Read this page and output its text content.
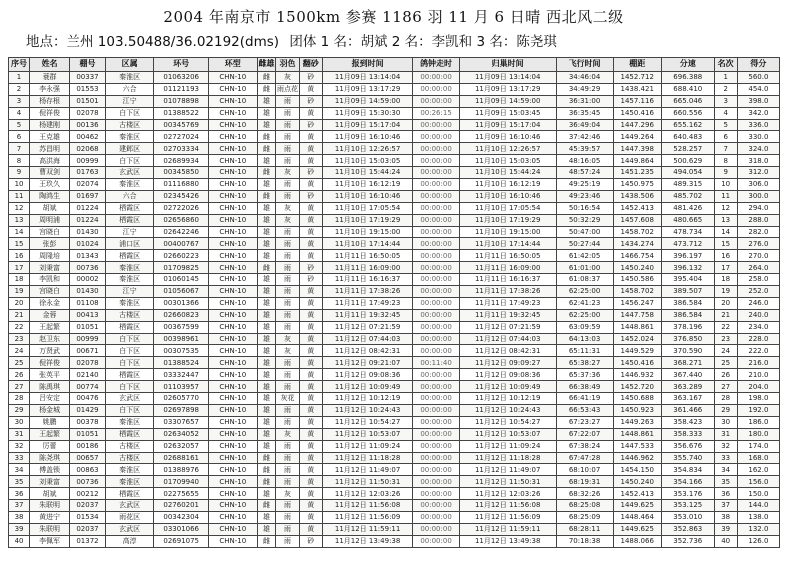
2004 年南京市 1500km 参赛 1186 羽 11 月 6 日晴 西北风二级
地点：兰州 103.50488/36.02192(dms) 团体 1 名：胡斌 2 名：李凯和 3 名：陈尧琪
序号	姓名	棚号	区属	环号	环型	雌雄	羽色	翻砂	报到时间	鸽钟走时	归巢时间	飞行时间	棚距	分速	名次	得分
1	蓑群	00337	秦淮区	01063206	CHN-10	雌	灰	砂	11月09日 13:14:04	00:00:00	11月09日 13:14:04	34:46:04	1452.712	696.388	1	560.0
2	李永强	01553	六合	01121193	CHN-10	雌	雨点花	黄	11月09日 13:17:29	00:00:00	11月09日 13:17:29	34:49:29	1438.421	688.410	2	454.0
3	杨存根	01501	江宁	01078898	CHN-10	雄	雨	砂	11月09日 14:59:00	00:00:00	11月09日 14:59:00	36:31:00	1457.116	665.046	3	398.0
4	倪祥俊	02078	白下区	01388522	CHN-10	雄	雨	黄	11月09日 15:30:30	00:26:15	11月09日 15:03:45	36:35:45	1450.416	660.556	4	342.0
5	杨建刚	00136	古楼区	00345769	CHN-10	雄	雨	砂	11月09日 15:17:04	00:00:00	11月09日 15:17:04	36:49:04	1447.296	655.162	5	336.0
6	王克雄	00462	秦淮区	02727024	CHN-10	雌	雨	黄	11月09日 16:10:46	00:00:00	11月09日 16:10:46	37:42:46	1449.264	640.483	6	330.0
7	苏昌明	02068	建邺区	02703334	CHN-10	雌	雨	黄	11月10日 12:26:57	00:00:00	11月10日 12:26:57	45:39:57	1447.398	528.257	7	324.0
8	高洪海	00999	白下区	02689934	CHN-10	雄	雨	黄	11月10日 15:03:05	00:00:00	11月10日 15:03:05	48:16:05	1449.864	500.629	8	318.0
9	曹双剑	01763	玄武区	00345850	CHN-10	雌	灰	砂	11月10日 15:44:24	00:00:00	11月10日 15:44:24	48:57:24	1451.235	494.054	9	312.0
10	王玖久	02074	秦淮区	01116880	CHN-10	雄	雨	黄	11月10日 16:12:19	00:00:00	11月10日 16:12:19	49:25:19	1450.975	489.315	10	306.0
11	陶鸿生	01697	六合	02345426	CHN-10	雌	雨	砂	11月10日 16:10:46	00:00:00	11月10日 16:10:46	49:23:46	1438.506	485.702	11	300.0
12	胡斌	01224	栖霞区	02722026	CHN-10	雄	灰	黄	11月10日 17:05:54	00:00:00	11月10日 17:05:54	50:16:54	1452.413	481.426	12	294.0
13	周明浦	01224	栖霞区	02656860	CHN-10	雄	灰	黄	11月10日 17:19:29	00:00:00	11月10日 17:19:29	50:32:29	1457.608	480.665	13	288.0
14	宫晓白	01430	江宁	02642246	CHN-10	雄	雨	黄	11月10日 19:15:00	00:00:00	11月10日 19:15:00	50:47:00	1458.702	478.734	14	282.0
15	张彭	01024	浦口区	00400767	CHN-10	雄	雨	黄	11月10日 17:14:44	00:00:00	11月10日 17:14:44	50:27:44	1434.274	473.712	15	276.0
16	周隆培	01343	栖霞区	02660223	CHN-10	雄	雨	黄	11月11日 16:50:05	00:00:00	11月11日 16:50:05	61:42:05	1466.754	396.197	16	270.0
17	刘秉富	00736	秦淮区	01709825	CHN-10	雌	雨	砂	11月11日 16:09:00	00:00:00	11月11日 16:09:00	61:01:00	1450.240	396.132	17	264.0
18	李凯和	00002	秦淮区	01060145	CHN-10	雄	雨	砂	11月11日 16:16:37	00:00:00	11月11日 16:16:37	61:08:37	1450.586	395.404	18	258.0
19	宫晓白	01430	江宁	01056067	CHN-10	雄	雨	黄	11月11日 17:38:26	00:00:00	11月11日 17:38:26	62:25:00	1458.702	389.507	19	252.0
20	徐永金	01108	秦淮区	00301366	CHN-10	雄	雨	黄	11月11日 17:49:23	00:00:00	11月11日 17:49:23	62:41:23	1456.247	386.584	20	246.0
21	金蓉	00413	古楼区	02660823	CHN-10	雄	雨	黄	11月11日 19:32:45	00:00:00	11月11日 19:32:45	62:25:00	1447.758	386.584	21	240.0
22	王起繁	01051	栖霞区	00367599	CHN-10	雄	雨	黄	11月12日 07:21:59	00:00:00	11月12日 07:21:59	63:09:59	1448.861	378.196	22	234.0
23	赵卫东	00999	白下区	00398961	CHN-10	雄	灰	黄	11月12日 07:44:03	00:00:00	11月12日 07:44:03	64:13:03	1452.024	376.850	23	228.0
24	万贤武	00671	白下区	00307535	CHN-10	雄	灰	黄	11月12日 08:42:31	00:00:00	11月12日 08:42:31	65:11:31	1449.529	370.590	24	222.0
25	倪祥俊	02078	白下区	01388524	CHN-10	雄	雨	黄	11月12日 09:21:07	00:11:40	11月12日 09:09:27	65:38:27	1450.416	368.271	25	216.0
26	张英平	02140	栖霞区	03332447	CHN-10	雄	雨	黄	11月12日 09:08:36	00:00:00	11月12日 09:08:36	65:37:36	1446.932	367.440	26	210.0
27	陈禹琪	00774	白下区	01103957	CHN-10	雄	雨	黄	11月12日 10:09:49	00:00:00	11月12日 10:09:49	66:38:49	1452.720	363.289	27	204.0
28	吕安定	00476	玄武区	02605770	CHN-10	雄	灰花	黄	11月12日 10:12:19	00:00:00	11月12日 10:12:19	66:41:19	1450.688	363.167	28	198.0
29	杨金城	01429	白下区	02697898	CHN-10	雄	雨	黄	11月12日 10:24:43	00:00:00	11月12日 10:24:43	66:53:43	1450.923	361.466	29	192.0
30	姚鹏	00378	秦淮区	03307657	CHN-10	雄	雨	黄	11月12日 10:54:27	00:00:00	11月12日 10:54:27	67:23:27	1449.263	358.423	30	186.0
31	王起繁	01051	栖霞区	02634052	CHN-10	雄	灰	黄	11月12日 10:53:07	00:00:00	11月12日 10:53:07	67:22:07	1448.861	358.333	31	180.0
32	厉蕾	00186	古楼区	02632057	CHN-10	雄	雨	黄	11月12日 11:09:24	00:00:00	11月12日 11:09:24	67:38:24	1447.533	356.676	32	174.0
33	陈尧琪	00657	古楼区	02688161	CHN-10	雌	雨	黄	11月12日 11:18:28	00:00:00	11月12日 11:18:28	67:47:28	1446.962	355.740	33	168.0
34	傅盖锁	00863	秦淮区	01388976	CHN-10	雌	雨	黄	11月12日 11:49:07	00:00:00	11月12日 11:49:07	68:10:07	1454.150	354.834	34	162.0
35	刘秉富	00736	秦淮区	01709940	CHN-10	雌	雨	黄	11月12日 11:50:31	00:00:00	11月12日 11:50:31	68:19:31	1450.240	354.166	35	156.0
36	胡斌	00212	栖霞区	02275655	CHN-10	雄	灰	黄	11月12日 12:03:26	00:00:00	11月12日 12:03:26	68:32:26	1452.413	353.176	36	150.0
37	朱联明	02037	玄武区	02760201	CHN-10	雌	雨	黄	11月12日 11:56:08	00:00:00	11月12日 11:56:08	68:25:08	1449.625	353.125	37	144.0
38	黄进宁	01534	雨花区	00342304	CHN-10	雄	雨	黄	11月12日 11:56:09	00:00:00	11月12日 11:56:09	68:25:09	1448.464	353.010	38	138.0
39	朱联明	02037	玄武区	03301066	CHN-10	雄	雨	黄	11月12日 11:59:11	00:00:00	11月12日 11:59:11	68:28:11	1449.625	352.863	39	132.0
40	李佩军	01372	高淳	02691075	CHN-10	雌	雨	砂	11月12日 13:49:38	00:00:00	11月12日 13:49:38	70:18:38	1488.066	352.736	40	126.0
